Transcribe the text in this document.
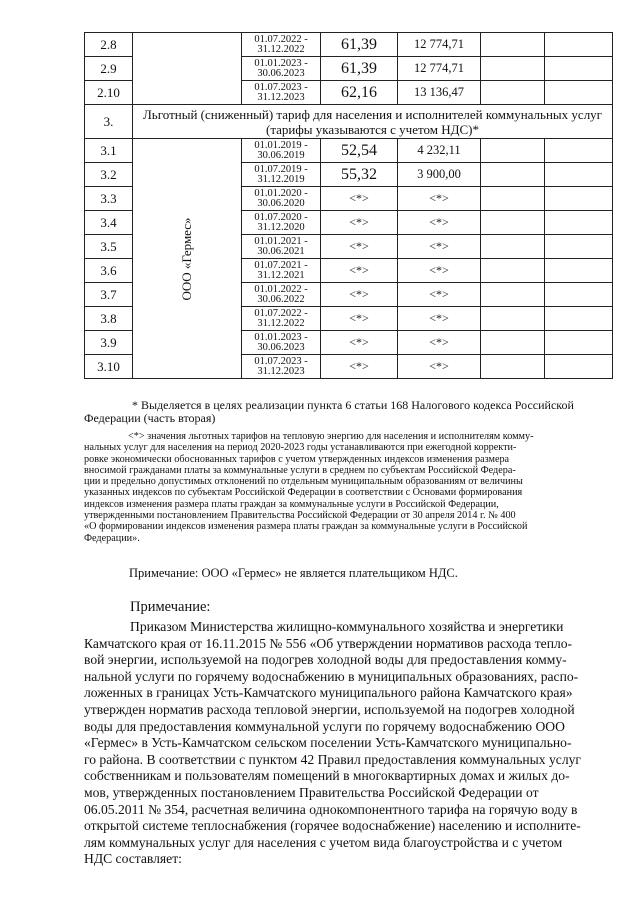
2.8		01.07.2022 - 31.12.2022	61,39	12 774,71		
2.9		01.01.2023 - 30.06.2023	61,39	12 774,71		
2.10		01.07.2023 - 31.12.2023	62,16	13 136,47		
3.	Льготный (сниженный) тариф для населения и исполнителей коммунальных услуг (тарифы указываются с учетом НДС)*					
3.1	ООО «Гермес»	01.01.2019 - 30.06.2019	52,54	4 232,11		
3.2		01.07.2019 - 31.12.2019	55,32	3 900,00		
3.3		01.01.2020 - 30.06.2020	<*>	<*>		
3.4		01.07.2020 - 31.12.2020	<*>	<*>		
3.5		01.01.2021 - 30.06.2021	<*>	<*>		
3.6		01.07.2021 - 31.12.2021	<*>	<*>		
3.7		01.01.2022 - 30.06.2022	<*>	<*>		
3.8		01.07.2022 - 31.12.2022	<*>	<*>		
3.9		01.01.2023 - 30.06.2023	<*>	<*>		
3.10		01.07.2023 - 31.12.2023	<*>	<*>		
* Выделяется в целях реализации пункта 6 статьи 168 Налогового кодекса Российской
Федерации (часть вторая)
<*> значения льготных тарифов на тепловую энергию для населения и исполнителям комму-
нальных услуг для населения на период 2020-2023 годы устанавливаются при ежегодной корректи-
ровке экономически обоснованных тарифов с учетом утвержденных индексов изменения размера
вносимой гражданами платы за коммунальные услуги в среднем по субъектам Российской Федера-
ции и предельно допустимых отклонений по отдельным муниципальным образованиям от величины
указанных индексов по субъектам Российской Федерации в соответствии с Основами формирования
индексов изменения размера платы граждан за коммунальные услуги в Российской Федерации,
утвержденными постановлением Правительства Российской Федерации от 30 апреля 2014 г. № 400
«О формировании индексов изменения размера платы граждан за коммунальные услуги в Российской
Федерации».
Примечание: ООО «Гермес» не является плательщиком НДС.
Примечание:
Приказом Министерства жилищно-коммунального хозяйства и энергетики
Камчатского края от 16.11.2015 № 556 «Об утверждении нормативов расхода тепло-
вой энергии, используемой на подогрев холодной воды для предоставления комму-
нальной услуги по горячему водоснабжению в муниципальных образованиях, распо-
ложенных в границах Усть-Камчатского муниципального района Камчатского края»
утвержден норматив расхода тепловой энергии, используемой на подогрев холодной
воды для предоставления коммунальной услуги по горячему водоснабжению ООО
«Гермес» в Усть-Камчатском сельском поселении Усть-Камчатского муниципально-
го района. В соответствии с пунктом 42 Правил предоставления коммунальных услуг
собственникам и пользователям помещений в многоквартирных домах и жилых до-
мов, утвержденных постановлением Правительства Российской Федерации от
06.05.2011 № 354, расчетная величина однокомпонентного тарифа на горячую воду в
открытой системе теплоснабжения (горячее водоснабжение) населению и исполните-
лям коммунальных услуг для населения с учетом вида благоустройства и с учетом
НДС составляет:
